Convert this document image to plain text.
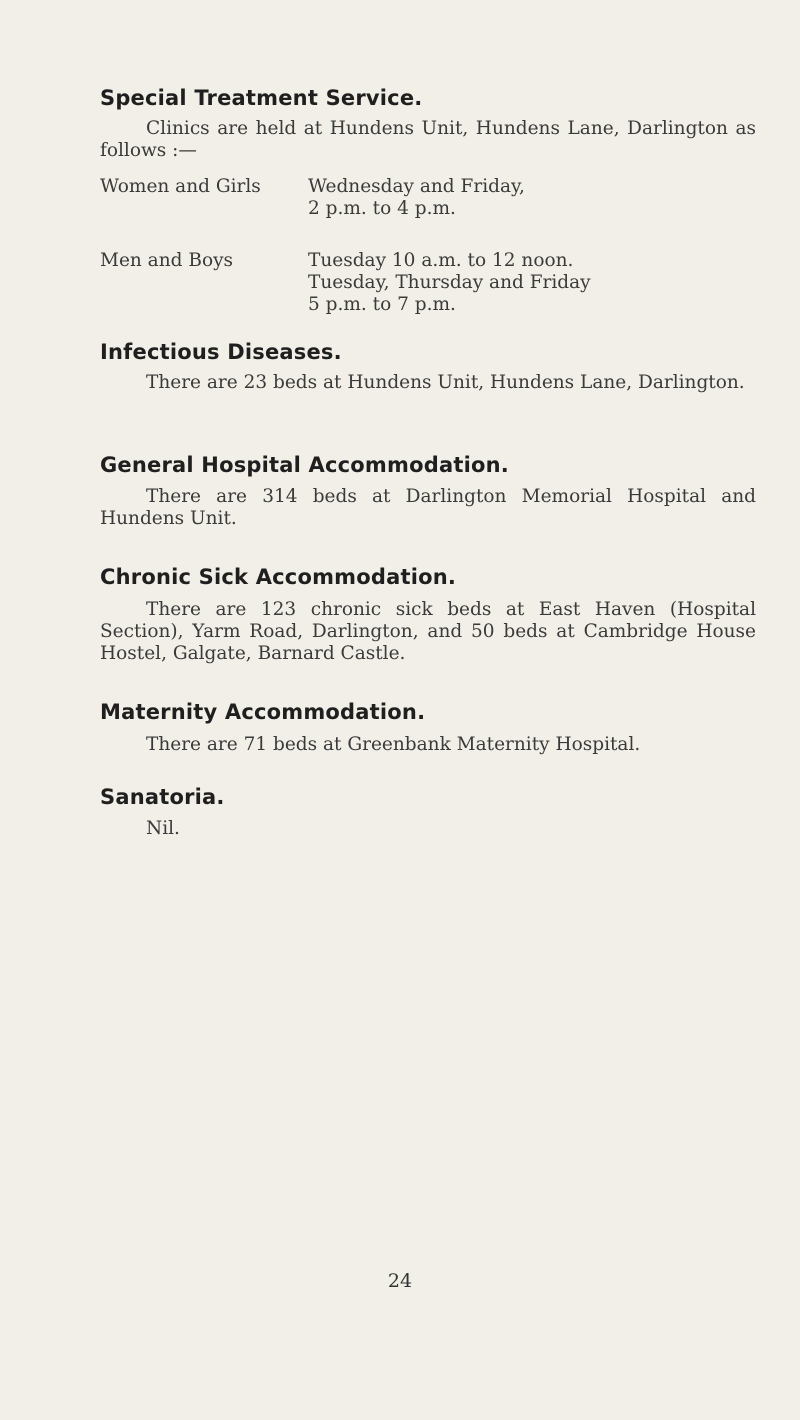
Special Treatment Service.

Clinics are held at Hundens Unit, Hundens Lane, Darlington as follows :—

Women and Girls	Wednesday and Friday,
2 p.m. to 4 p.m.
Men and Boys	Tuesday 10 a.m. to 12 noon.
Tuesday, Thursday and Friday
5 p.m. to 7 p.m.
Infectious Diseases.

There are 23 beds at Hundens Unit, Hundens Lane, Darlington.

General Hospital Accommodation.

There are 314 beds at Darlington Memorial Hospital and Hundens Unit.

Chronic Sick Accommodation.

There are 123 chronic sick beds at East Haven (Hospital Section), Yarm Road, Darlington, and 50 beds at Cambridge House Hostel, Galgate, Barnard Castle.

Maternity Accommodation.

There are 71 beds at Greenbank Maternity Hospital.

Sanatoria.

Nil.

24
